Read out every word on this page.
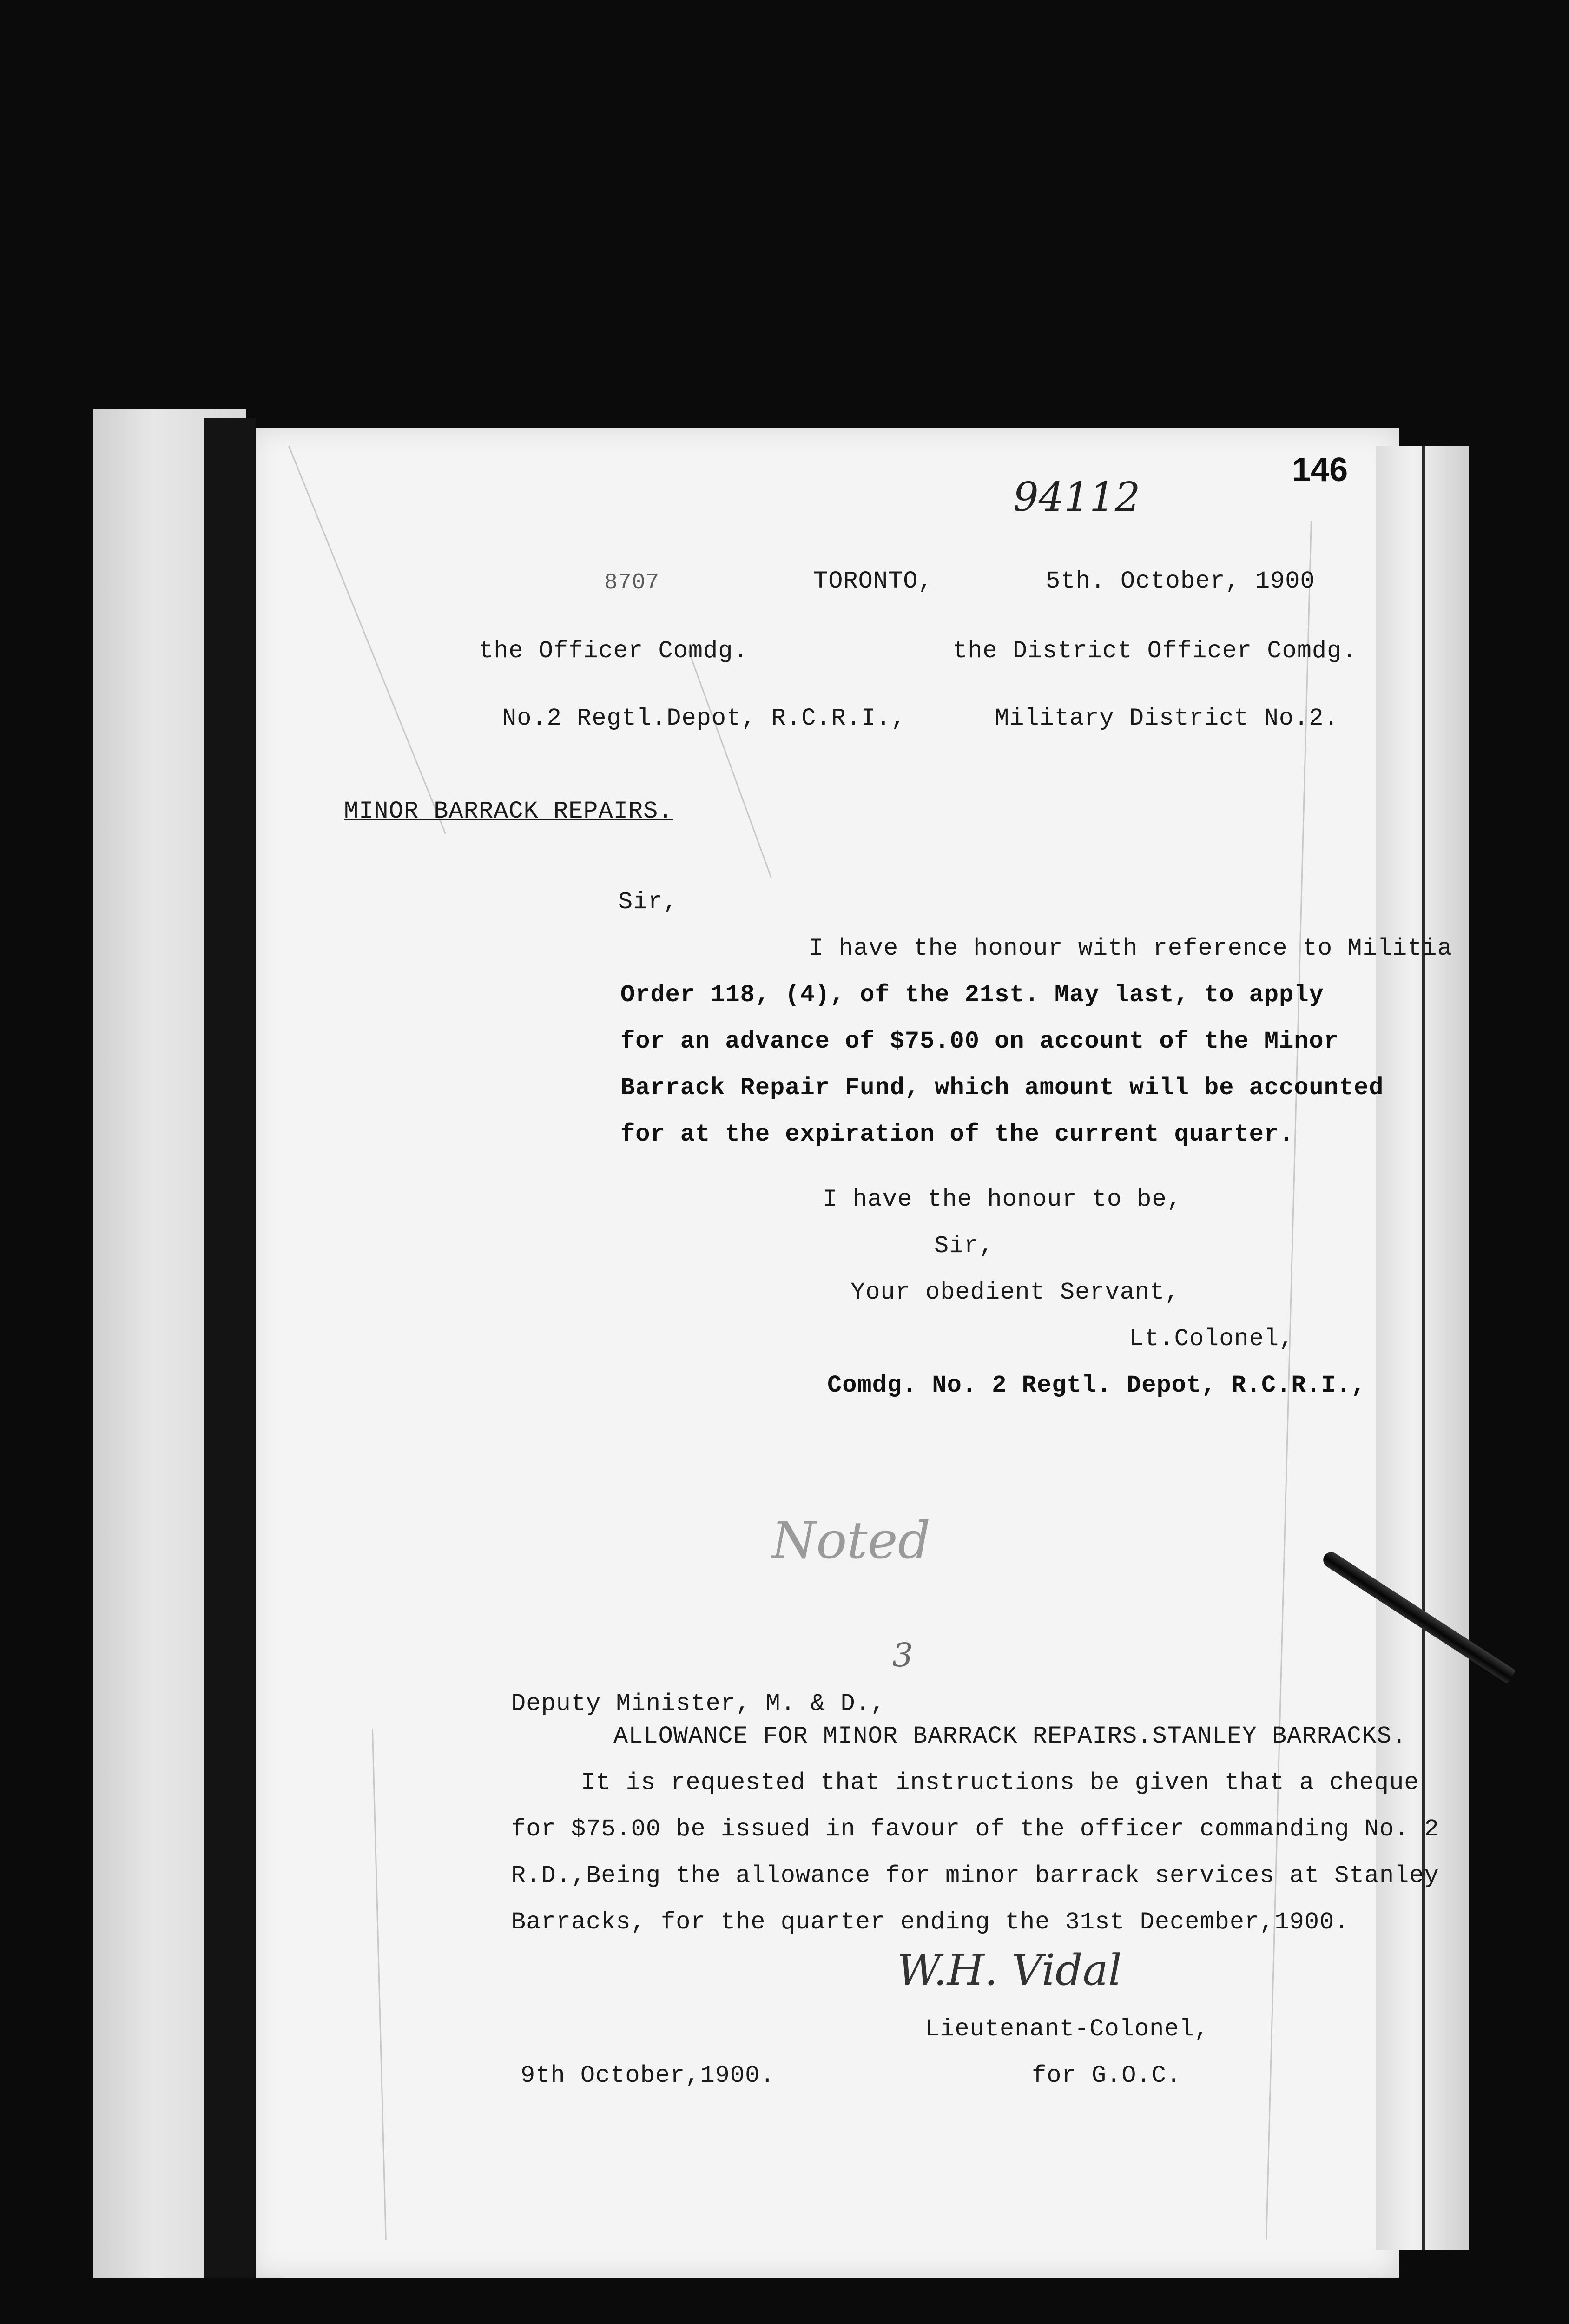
146
94112
8707	TORONTO,	5th. October, 1900
the Officer Comdg.	the District Officer Comdg.
No.2 Regtl.Depot, R.C.R.I.,	Military District No.2.
MINOR BARRACK REPAIRS.
Sir,
I have the honour with reference to Militia
Order 118, (4), of the 21st. May last, to apply
for an advance of $75.00 on account of the Minor
Barrack Repair Fund, which amount will be accounted
for at the expiration of the current quarter.
I have the honour to be,
Sir,
Your obedient Servant,
Lt.Colonel,
Comdg. No. 2 Regtl. Depot, R.C.R.I.,
Noted
3
Deputy Minister, M. & D.,
ALLOWANCE FOR MINOR BARRACK REPAIRS.STANLEY BARRACKS.
It is requested that instructions be given that a cheque
for $75.00 be issued in favour of the officer commanding No. 2
R.D.,Being the allowance for minor barrack services at Stanley
Barracks, for the quarter ending the 31st December,1900.
W.H. Vidal
Lieutenant-Colonel,
for G.O.C.
9th October,1900.
